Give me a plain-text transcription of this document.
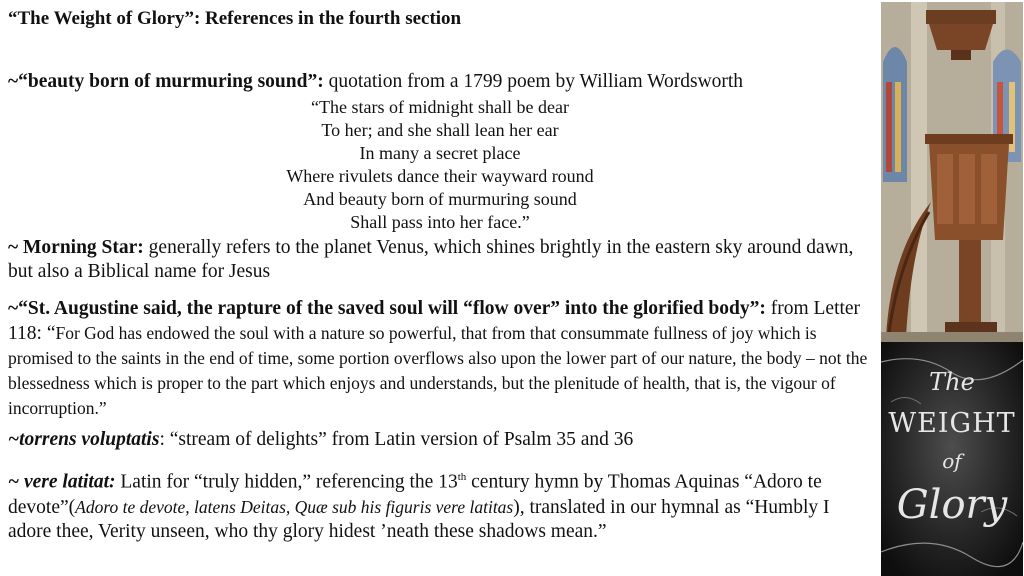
“The Weight of Glory”: References in the fourth section
~“beauty born of murmuring sound”: quotation from a 1799 poem by William Wordsworth
“The stars of midnight shall be dear
To her; and she shall lean her ear
In many a secret place
Where rivulets dance their wayward round
And beauty born of murmuring sound
Shall pass into her face.”
~ Morning Star: generally refers to the planet Venus, which shines brightly in the eastern sky around dawn, but also a Biblical name for Jesus
~“St. Augustine said, the rapture of the saved soul will “flow over” into the glorified body”: from Letter 118: “For God has endowed the soul with a nature so powerful, that from that consummate fullness of joy which is promised to the saints in the end of time, some portion overflows also upon the lower part of our nature, the body – not the blessedness which is proper to the part which enjoys and understands, but the plenitude of health, that is, the vigour of incorruption.”
~torrens voluptatis: “stream of delights” from Latin version of Psalm 35 and 36
~ vere latitat: Latin for “truly hidden,” referencing the 13th century hymn by Thomas Aquinas “Adoro te devote”(Adoro te devote, latens Deitas, Quæ sub his figuris vere latitas), translated in our hymnal as “Humbly I adore thee, Verity unseen, who thy glory hidest ’neath these shadows mean.”
The
WEIGHT
of
Glory
